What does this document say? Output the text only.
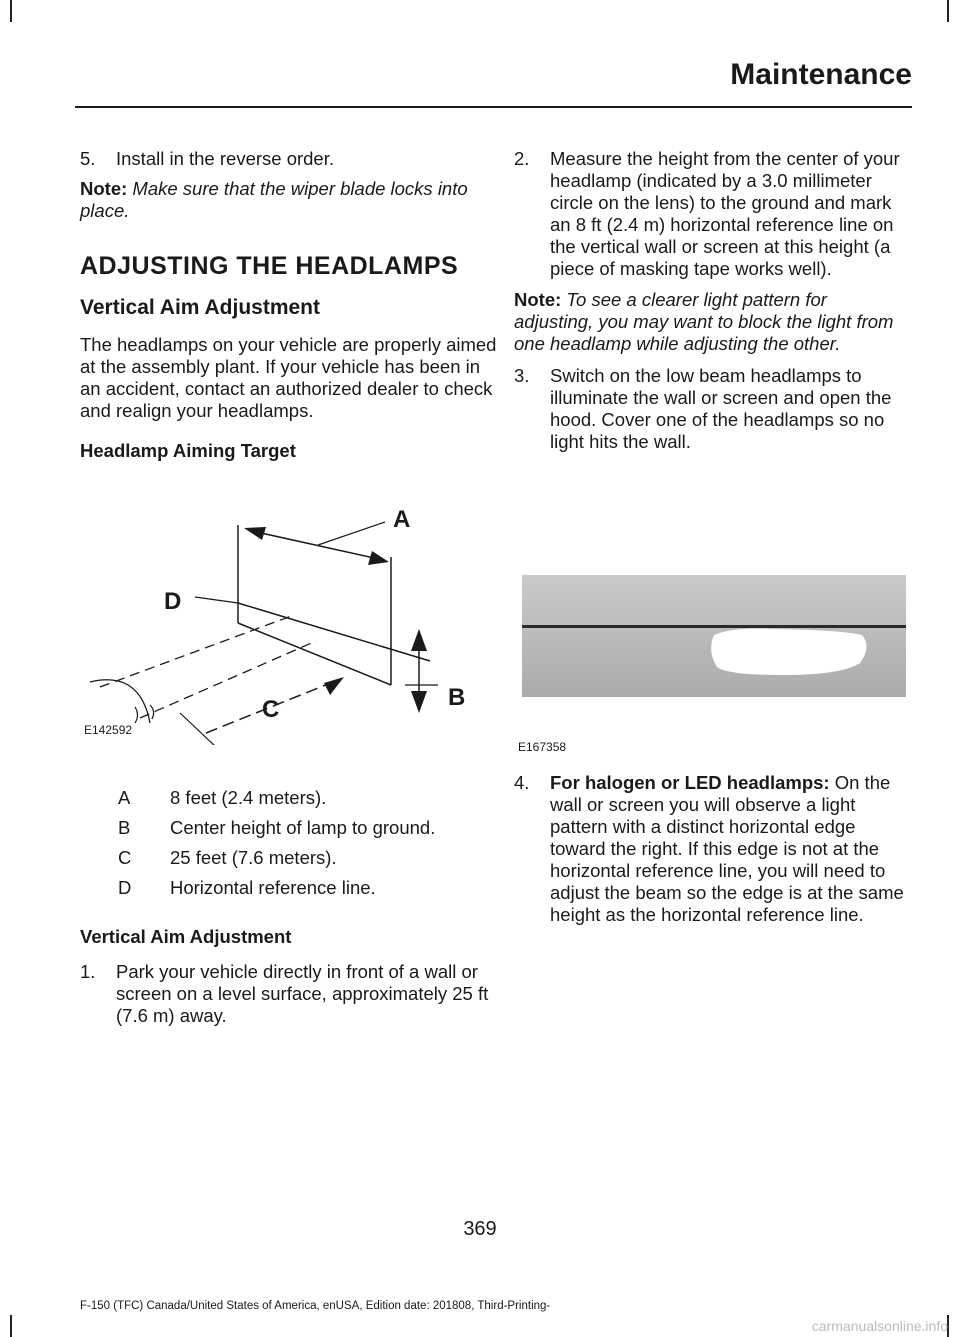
Maintenance
5. Install in the reverse order.

Note: Make sure that the wiper blade locks into place.

ADJUSTING THE HEADLAMPS
Vertical Aim Adjustment

The headlamps on your vehicle are properly aimed at the assembly plant. If your vehicle has been in an accident, contact an authorized dealer to check and realign your headlamps.

Headlamp Aiming Target
A
B
C
D
E142592
A 8 feet (2.4 meters).
B Center height of lamp to ground.
C 25 feet (7.6 meters).
D Horizontal reference line.
Vertical Aim Adjustment
1. Park your vehicle directly in front of a wall or screen on a level surface, approximately 25 ft (7.6 m) away.
2. Measure the height from the center of your headlamp (indicated by a 3.0 millimeter circle on the lens) to the ground and mark an 8 ft (2.4 m) horizontal reference line on the vertical wall or screen at this height (a piece of masking tape works well).

Note: To see a clearer light pattern for adjusting, you may want to block the light from one headlamp while adjusting the other.

3. Switch on the low beam headlamps to illuminate the wall or screen and open the hood. Cover one of the headlamps so no light hits the wall.
E167358
4. For halogen or LED headlamps: On the wall or screen you will observe a light pattern with a distinct horizontal edge toward the right. If this edge is not at the horizontal reference line, you will need to adjust the beam so the edge is at the same height as the horizontal reference line.
369
F-150 (TFC) Canada/United States of America, enUSA, Edition date: 201808, Third-Printing-
carmanualsonline.info
